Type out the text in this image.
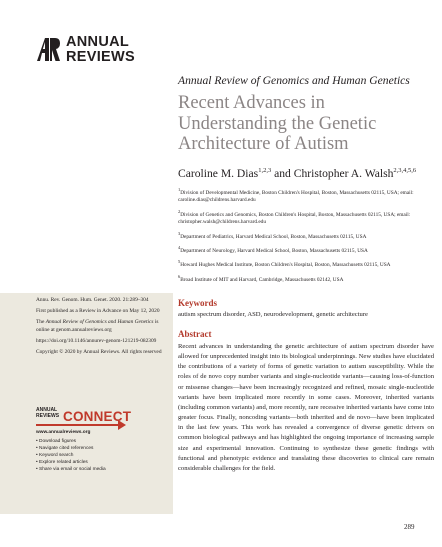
ANNUAL
REVIEWS
Annual Review of Genomics and Human Genetics
Recent Advances in Understanding the Genetic Architecture of Autism
Caroline M. Dias$^{1,2,3}$ and Christopher A. Walsh$^{2,3,4,5,6}$

$^1$Division of Developmental Medicine, Boston Children's Hospital, Boston, Massachusetts 02115, USA; email: caroline.dias@childrens.harvard.edu

$^2$Division of Genetics and Genomics, Boston Children's Hospital, Boston, Massachusetts 02115, USA; email: christopher.walsh@childrens.harvard.edu

$^3$Department of Pediatrics, Harvard Medical School, Boston, Massachusetts 02115, USA

$^4$Department of Neurology, Harvard Medical School, Boston, Massachusetts 02115, USA

$^5$Howard Hughes Medical Institute, Boston Children's Hospital, Boston, Massachusetts 02115, USA

$^6$Broad Institute of MIT and Harvard, Cambridge, Massachusetts 02142, USA

Annu. Rev. Genom. Hum. Genet. 2020. 21:289–304

First published as a Review in Advance on May 12, 2020

The Annual Review of Genomics and Human Genetics is online at genom.annualreviews.org

https://doi.org/10.1146/annurev-genom-121219-082309

Copyright © 2020 by Annual Reviews. All rights reserved

ANNUAL
REVIEWS CONNECT
www.annualreviews.org
• Download figures
• Navigate cited references
• Keyword search
• Explore related articles
• Share via email or social media
Keywords
autism spectrum disorder, ASD, neurodevelopment, genetic architecture
Abstract

Recent advances in understanding the genetic architecture of autism spectrum disorder have allowed for unprecedented insight into its biological underpinnings. New studies have elucidated the contributions of a variety of forms of genetic variation to autism susceptibility. While the roles of de novo copy number variants and single-nucleotide variants—causing loss-of-function or missense changes—have been increasingly recognized and refined, mosaic single-nucleotide variants have been implicated more recently in some cases. Moreover, inherited variants (including common variants) and, more recently, rare recessive inherited variants have come into greater focus. Finally, noncoding variants—both inherited and de novo—have been implicated in the last few years. This work has revealed a convergence of diverse genetic drivers on common biological pathways and has highlighted the ongoing importance of increasing sample size and experimental innovation. Continuing to synthesize these genetic findings with functional and phenotypic evidence and translating these discoveries to clinical care remain considerable challenges for the field.

289
